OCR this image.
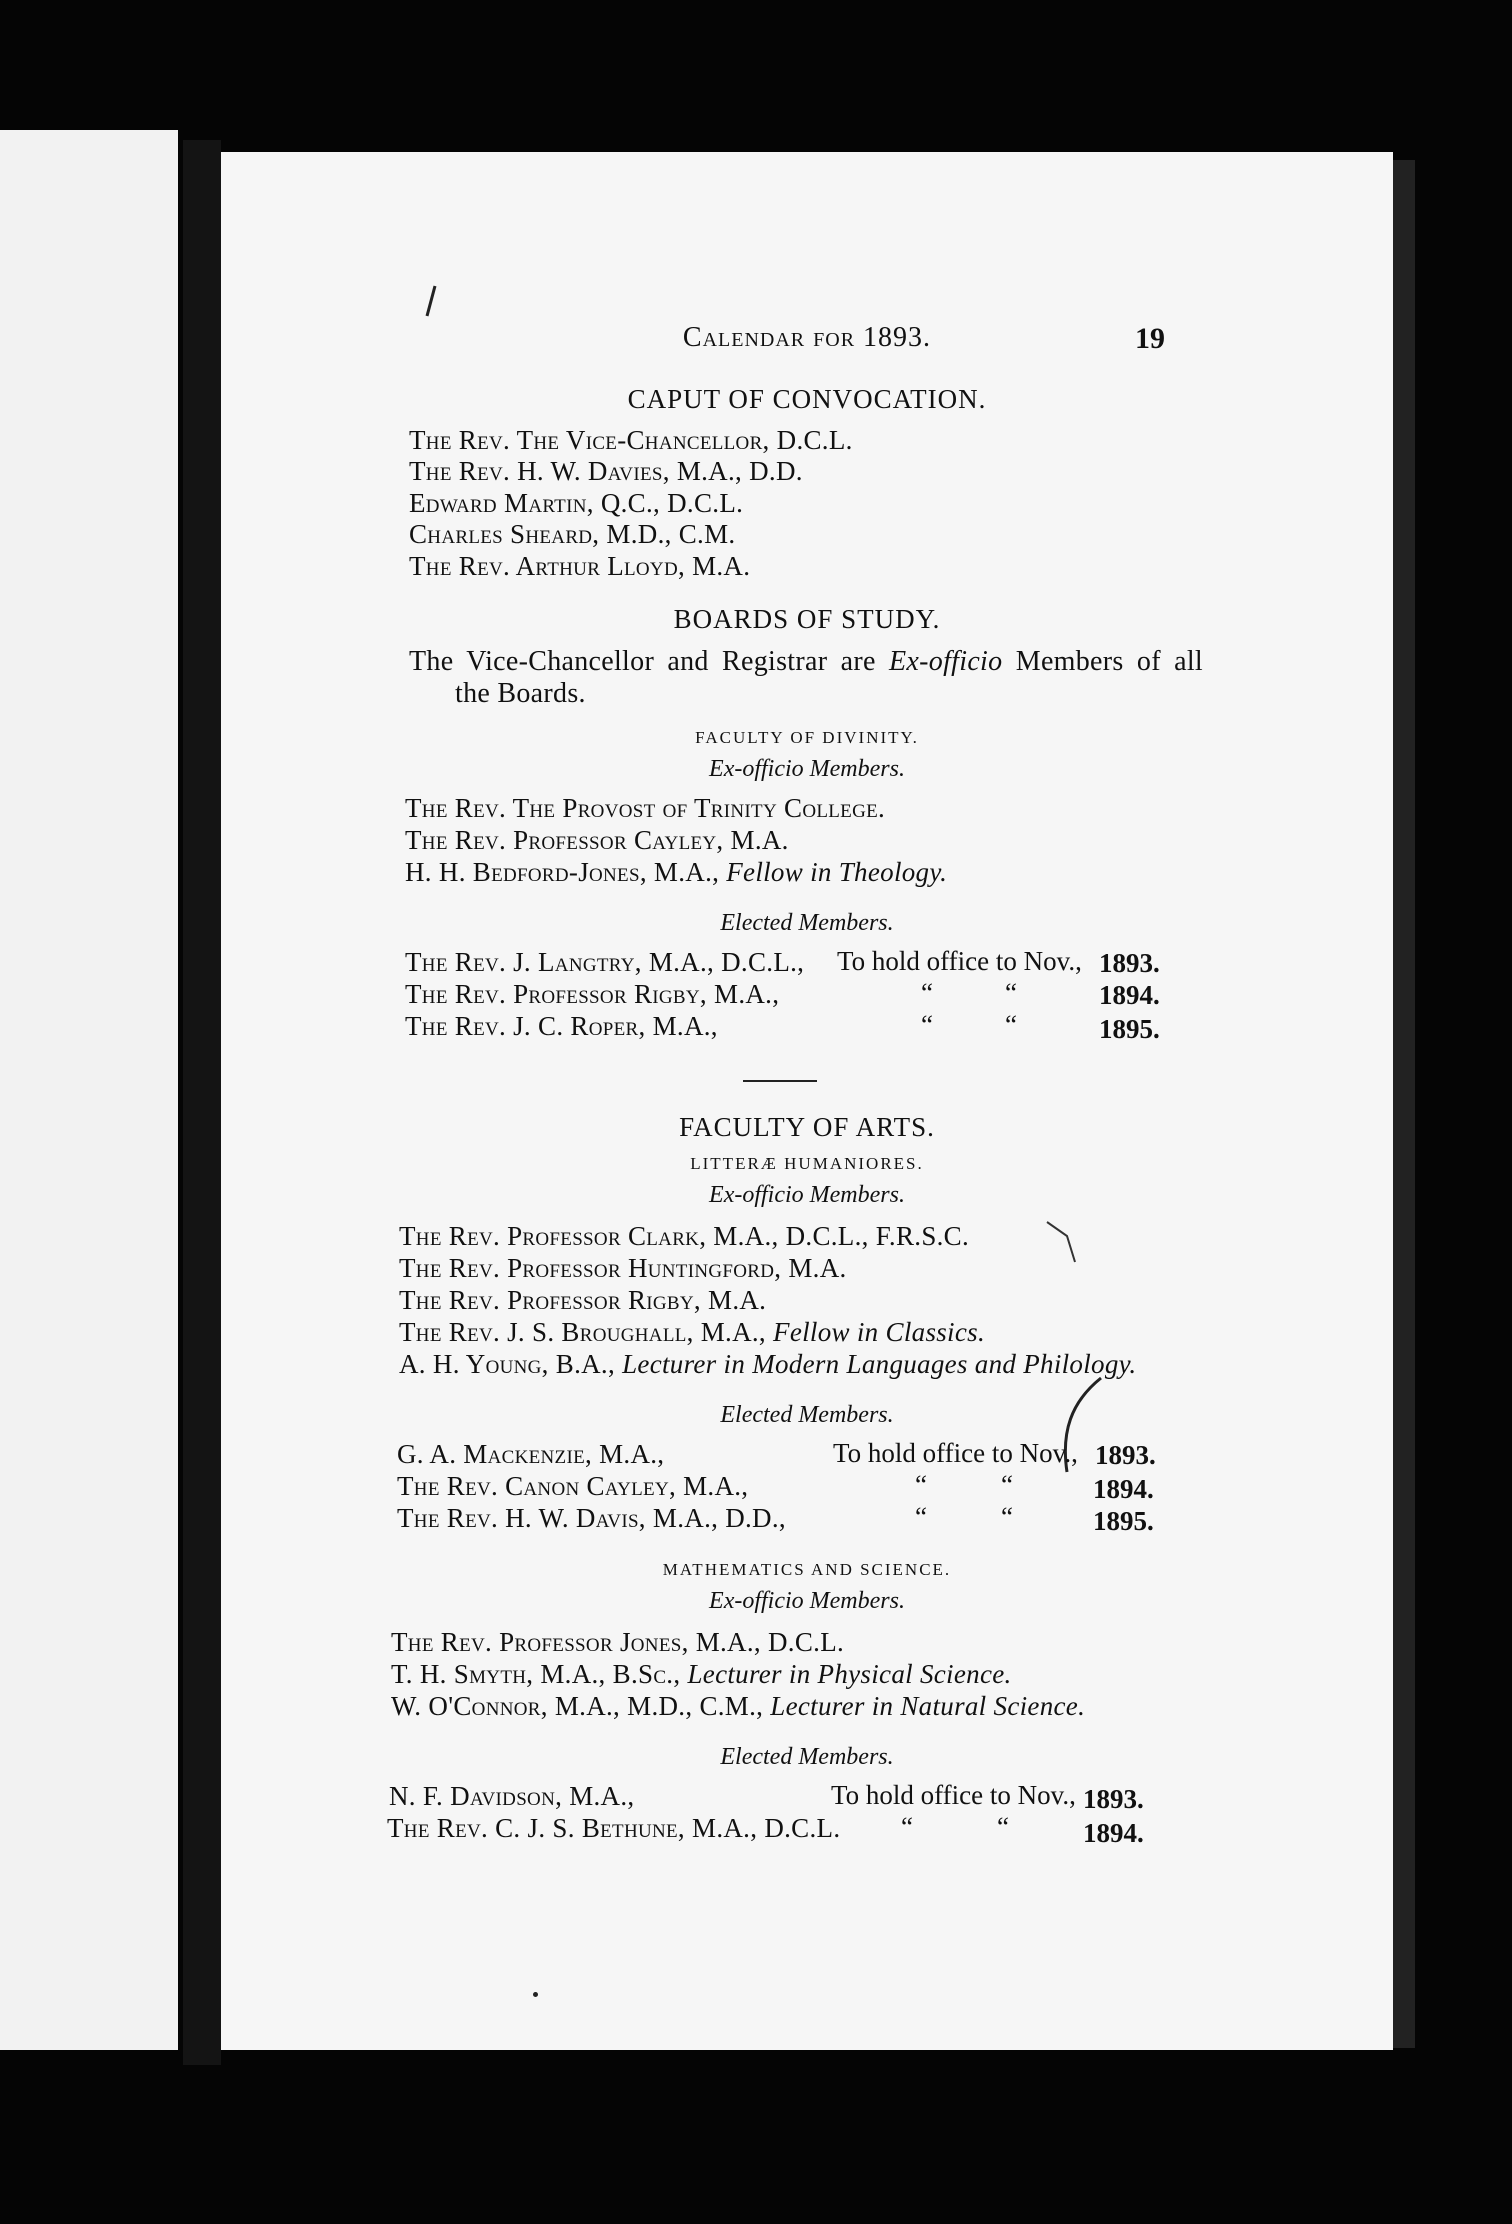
Calendar for 1893.	19
CAPUT OF CONVOCATION.
The Rev. The Vice-Chancellor, D.C.L.
The Rev. H. W. Davies, M.A., D.D.
Edward Martin, Q.C., D.C.L.
Charles Sheard, M.D., C.M.
The Rev. Arthur Lloyd, M.A.
BOARDS OF STUDY.
The Vice-Chancellor and Registrar are Ex-officio Members of all
the Boards.
FACULTY OF DIVINITY.
Ex-officio Members.
The Rev. The Provost of Trinity College.
The Rev. Professor Cayley, M.A.
H. H. Bedford-Jones, M.A., Fellow in Theology.
Elected Members.
The Rev. J. Langtry, M.A., D.C.L., To hold office to Nov., 1893.
The Rev. Professor Rigby, M.A.,	“	“	1894.
The Rev. J. C. Roper, M.A.,	“	“	1895.
FACULTY OF ARTS.
LITTERÆ HUMANIORES.
Ex-officio Members.
The Rev. Professor Clark, M.A., D.C.L., F.R.S.C.
The Rev. Professor Huntingford, M.A.
The Rev. Professor Rigby, M.A.
The Rev. J. S. Broughall, M.A., Fellow in Classics.
A. H. Young, B.A., Lecturer in Modern Languages and Philology.
Elected Members.
G. A. Mackenzie, M.A.,	To hold office to Nov., 1893.
The Rev. Canon Cayley, M.A.,	“	“	1894.
The Rev. H. W. Davis, M.A., D.D.,	“	“	1895.
MATHEMATICS AND SCIENCE.
Ex-officio Members.
The Rev. Professor Jones, M.A., D.C.L.
T. H. Smyth, M.A., B.Sc., Lecturer in Physical Science.
W. O'Connor, M.A., M.D., C.M., Lecturer in Natural Science.
Elected Members.
N. F. Davidson, M.A.,	To hold office to Nov., 1893.
The Rev. C. J. S. Bethune, M.A., D.C.L. “	“	1894.
